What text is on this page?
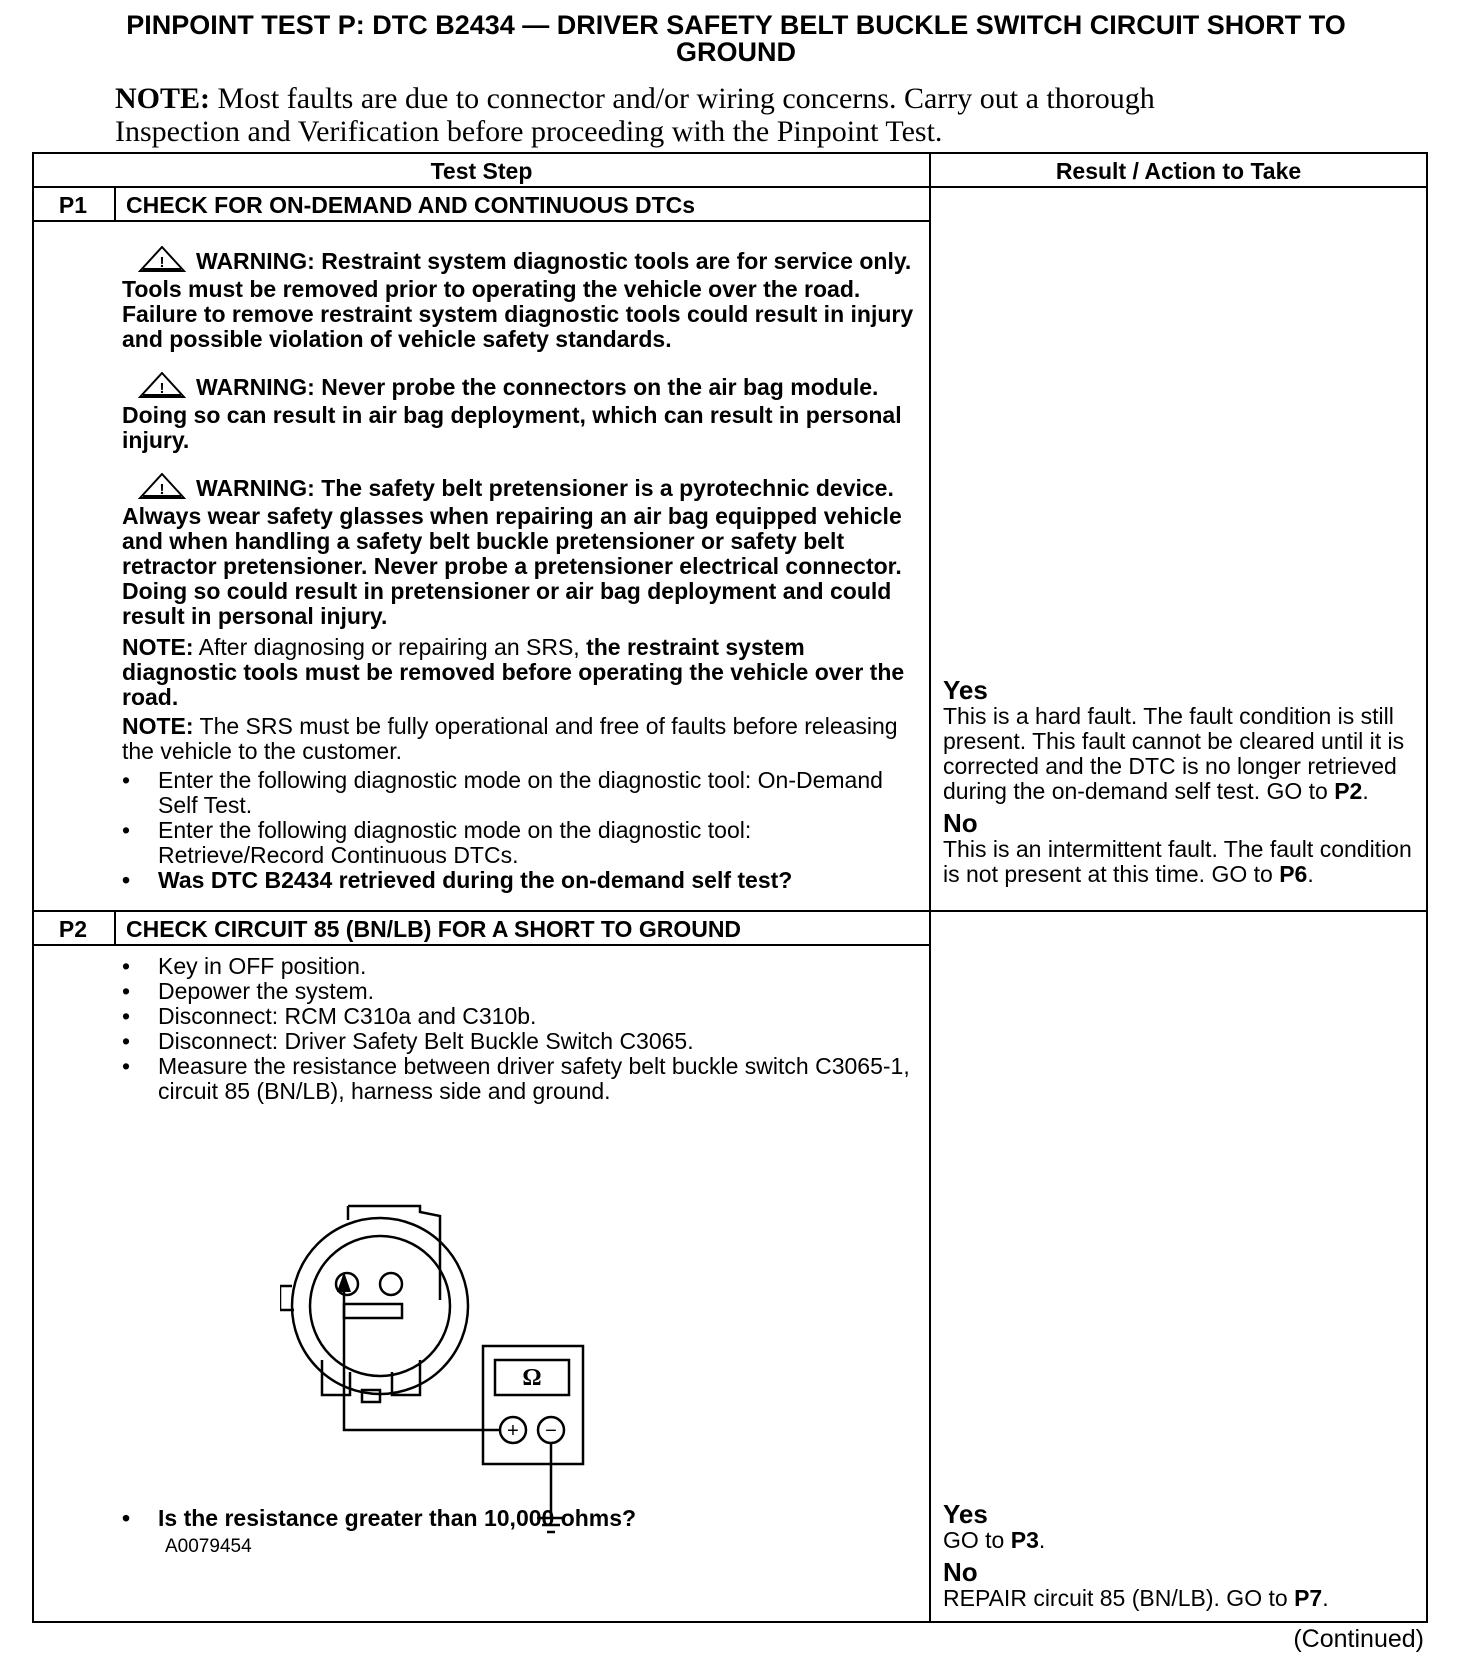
PINPOINT TEST P: DTC B2434 — DRIVER SAFETY BELT BUCKLE SWITCH CIRCUIT SHORT TO
GROUND
NOTE: Most faults are due to connector and/or wiring concerns. Carry out a thorough Inspection and Verification before proceeding with the Pinpoint Test.
Test Step	Result / Action to Take
P1	CHECK FOR ON-DEMAND AND CONTINUOUS DTCs

! WARNING: Restraint system diagnostic tools are for service only. Tools must be removed prior to operating the vehicle over the road. Failure to remove restraint system diagnostic tools could result in injury and possible violation of vehicle safety standards.

! WARNING: Never probe the connectors on the air bag module. Doing so can result in air bag deployment, which can result in personal injury.

! WARNING: The safety belt pretensioner is a pyrotechnic device. Always wear safety glasses when repairing an air bag equipped vehicle and when handling a safety belt buckle pretensioner or safety belt retractor pretensioner. Never probe a pretensioner electrical connector. Doing so could result in pretensioner or air bag deployment and could result in personal injury.

NOTE: After diagnosing or repairing an SRS, the restraint system diagnostic tools must be removed before operating the vehicle over the road.

NOTE: The SRS must be fully operational and free of faults before releasing the vehicle to the customer.

• Enter the following diagnostic mode on the diagnostic tool: On-Demand Self Test.

• Enter the following diagnostic mode on the diagnostic tool: Retrieve/Record Continuous DTCs.

• Was DTC B2434 retrieved during the on-demand self test?

Yes
This is a hard fault. The fault condition is still present. This fault cannot be cleared until it is corrected and the DTC is no longer retrieved during the on-demand self test. GO to P2.
No
This is an intermittent fault. The fault condition is not present at this time. GO to P6.
P2	CHECK CIRCUIT 85 (BN/LB) FOR A SHORT TO GROUND

• Key in OFF position.

• Depower the system.

• Disconnect: RCM C310a and C310b.

• Disconnect: Driver Safety Belt Buckle Switch C3065.

• Measure the resistance between driver safety belt buckle switch C3065-1, circuit 85 (BN/LB), harness side and ground.

• Is the resistance greater than 10,000 ohms?	Yes
GO to P3.
No
REPAIR circuit 85 (BN/LB). GO to P7.
Ω
+ −
A0079454
(Continued)
